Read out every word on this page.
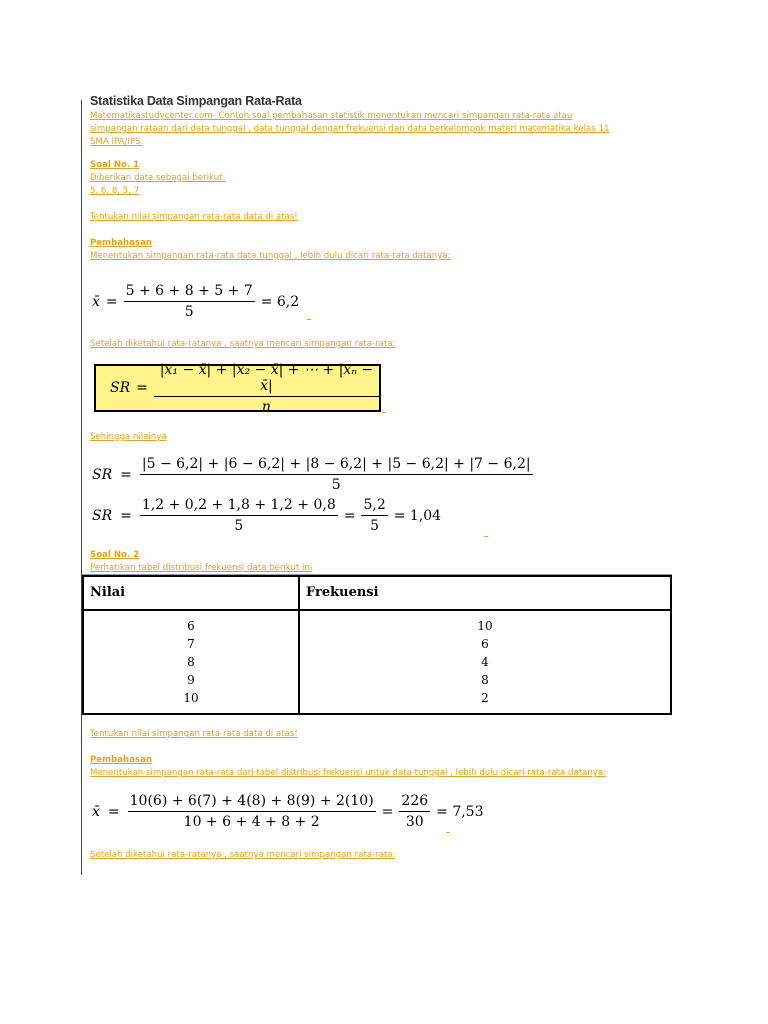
Statistika Data Simpangan Rata-Rata
Matematikastudycenter.com- Contoh soal pembahasan statistik menentukan mencari simpangan rata-rata atau
simpangan rataan dari data tunggal , data tunggal dengan frekuensi dan data berkelompok materi matematika kelas 11
SMA IPA/IPS.
Soal No. 1
Diberikan data sebagai berikut:
5, 6, 8, 5, 7
Tentukan nilai simpangan rata-rata data di atas!
Pembahasan
Menentukan simpangan rata-rata data tunggal , lebih dulu dicari rata-rata datanya:
x̄ = $\frac{5 + 6 + 8 + 5 + 7}{5} = 6,2$
Setelah diketahui rata-ratanya , saatnya mencari simpangan rata-rata:
SR = $\frac{\text{|x₁ − x̄| + |x₂ − x̄| + ⋯ + |xₙ − x̄|}}{n}$
Sehingga nilainya
SR = $\frac{|5 - 6,2| + |6 - 6,2| + |8 - 6,2| + |5 - 6,2| + |7 - 6,2|}{5}$
SR = $\frac{1,2 + 0,2 + 1,8 + 1,2 + 0,8}{5} = \frac{5,2}{5} = 1,04$
Soal No. 2
Perhatikan tabel distribusi frekuensi data berikut ini
Nilai	Frekuensi
6
7
8
9
10
10
6
4
8
2
Tentukan nilai simpangan rata-rata data di atas!
Pembahasan
Menentukan simpangan rata-rata dari tabel distribusi frekuensi untuk data tunggal , lebih dulu dicari rata-rata datanya:
x̄ = $\frac{10(6) + 6(7) + 4(8) + 8(9) + 2(10)}{10 + 6 + 4 + 8 + 2} = \frac{226}{30} = 7,53$
Setelah diketahui rata-ratanya , saatnya mencari simpangan rata-rata:
